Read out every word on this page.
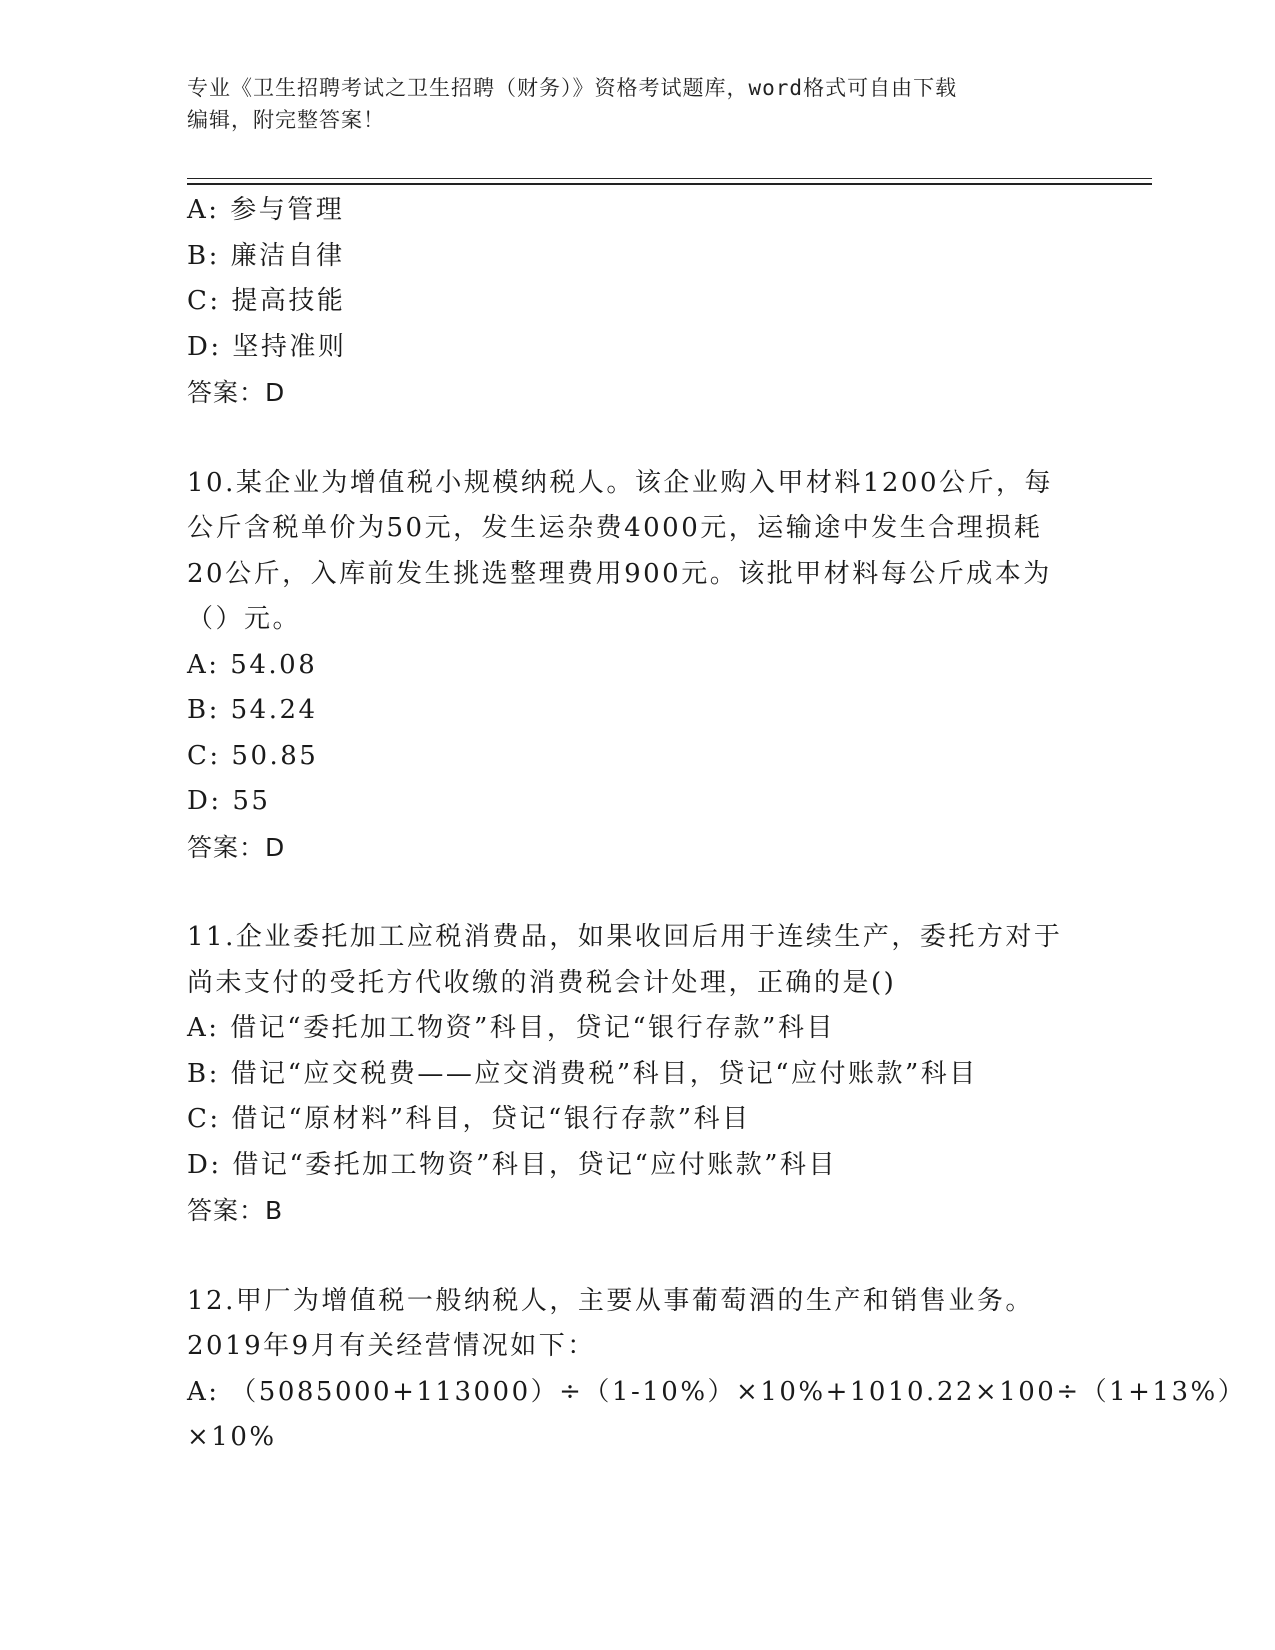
专业《卫生招聘考试之卫生招聘（财务）》资格考试题库，word格式可自由下载
编辑，附完整答案！
A: 参与管理
B: 廉洁自律
C: 提高技能
D: 坚持准则
答案：D
10.某企业为增值税小规模纳税人。该企业购入甲材料1200公斤，每
公斤含税单价为50元，发生运杂费4000元，运输途中发生合理损耗
20公斤，入库前发生挑选整理费用900元。该批甲材料每公斤成本为
（）元。
A: 54.08
B: 54.24
C: 50.85
D: 55
答案：D
11.企业委托加工应税消费品，如果收回后用于连续生产，委托方对于
尚未支付的受托方代收缴的消费税会计处理，正确的是()
A: 借记“委托加工物资”科目，贷记“银行存款”科目
B: 借记“应交税费——应交消费税”科目，贷记“应付账款”科目
C: 借记“原材料”科目，贷记“银行存款”科目
D: 借记“委托加工物资”科目，贷记“应付账款”科目
答案：B
12.甲厂为增值税一般纳税人，主要从事葡萄酒的生产和销售业务。
2019年9月有关经营情况如下：
A: （5085000+113000）÷（1-10%）×10%+1010.22×100÷（1+13%）
×10%
